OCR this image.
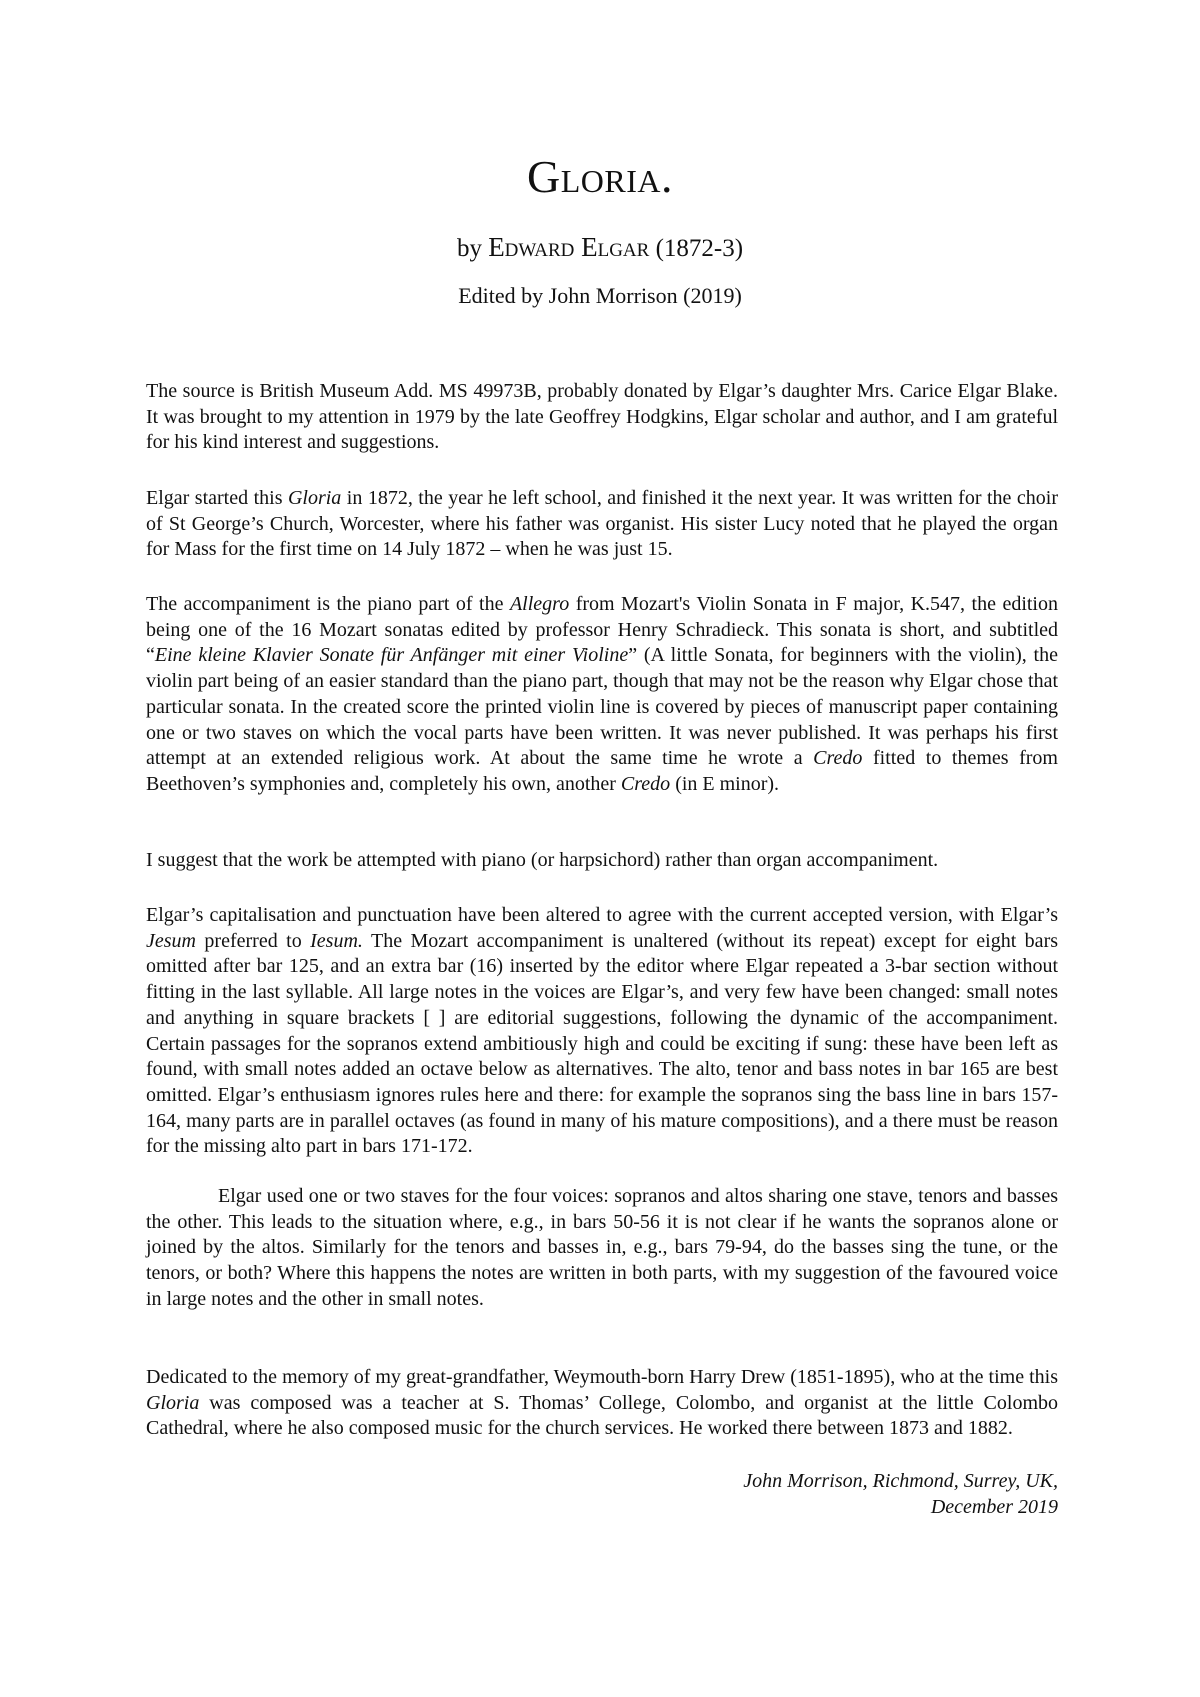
Gloria.
by Edward Elgar (1872-3)
Edited by John Morrison (2019)

The source is British Museum Add. MS 49973B, probably donated by Elgar’s daughter Mrs. Carice Elgar Blake. It was brought to my attention in 1979 by the late Geoffrey Hodgkins, Elgar scholar and author, and I am grateful for his kind interest and suggestions.

Elgar started this Gloria in 1872, the year he left school, and finished it the next year. It was written for the choir of St George’s Church, Worcester, where his father was organist. His sister Lucy noted that he played the organ for Mass for the first time on 14 July 1872 – when he was just 15.

The accompaniment is the piano part of the Allegro from Mozart's Violin Sonata in F major, K.547, the edition being one of the 16 Mozart sonatas edited by professor Henry Schradieck. This sonata is short, and subtitled “Eine kleine Klavier Sonate für Anfänger mit einer Violine” (A little Sonata, for beginners with the violin), the violin part being of an easier standard than the piano part, though that may not be the reason why Elgar chose that particular sonata. In the created score the printed violin line is covered by pieces of manuscript paper containing one or two staves on which the vocal parts have been written. It was never published. It was perhaps his first attempt at an extended religious work. At about the same time he wrote a Credo fitted to themes from Beethoven’s symphonies and, completely his own, another Credo (in E minor).

I suggest that the work be attempted with piano (or harpsichord) rather than organ accompaniment.

Elgar’s capitalisation and punctuation have been altered to agree with the current accepted version, with Elgar’s Jesum preferred to Iesum. The Mozart accompaniment is unaltered (without its repeat) except for eight bars omitted after bar 125, and an extra bar (16) inserted by the editor where Elgar repeated a 3-bar section without fitting in the last syllable. All large notes in the voices are Elgar’s, and very few have been changed: small notes and anything in square brackets [ ] are editorial suggestions, following the dynamic of the accompaniment. Certain passages for the sopranos extend ambitiously high and could be exciting if sung: these have been left as found, with small notes added an octave below as alternatives. The alto, tenor and bass notes in bar 165 are best omitted. Elgar’s enthusiasm ignores rules here and there: for example the sopranos sing the bass line in bars 157-164, many parts are in parallel octaves (as found in many of his mature compositions), and a there must be reason for the missing alto part in bars 171-172.

Elgar used one or two staves for the four voices: sopranos and altos sharing one stave, tenors and basses the other. This leads to the situation where, e.g., in bars 50-56 it is not clear if he wants the sopranos alone or joined by the altos. Similarly for the tenors and basses in, e.g., bars 79-94, do the basses sing the tune, or the tenors, or both? Where this happens the notes are written in both parts, with my suggestion of the favoured voice in large notes and the other in small notes.

Dedicated to the memory of my great-grandfather, Weymouth-born Harry Drew (1851-1895), who at the time this Gloria was composed was a teacher at S. Thomas’ College, Colombo, and organist at the little Colombo Cathedral, where he also composed music for the church services. He worked there between 1873 and 1882.

John Morrison, Richmond, Surrey, UK,

December 2019
